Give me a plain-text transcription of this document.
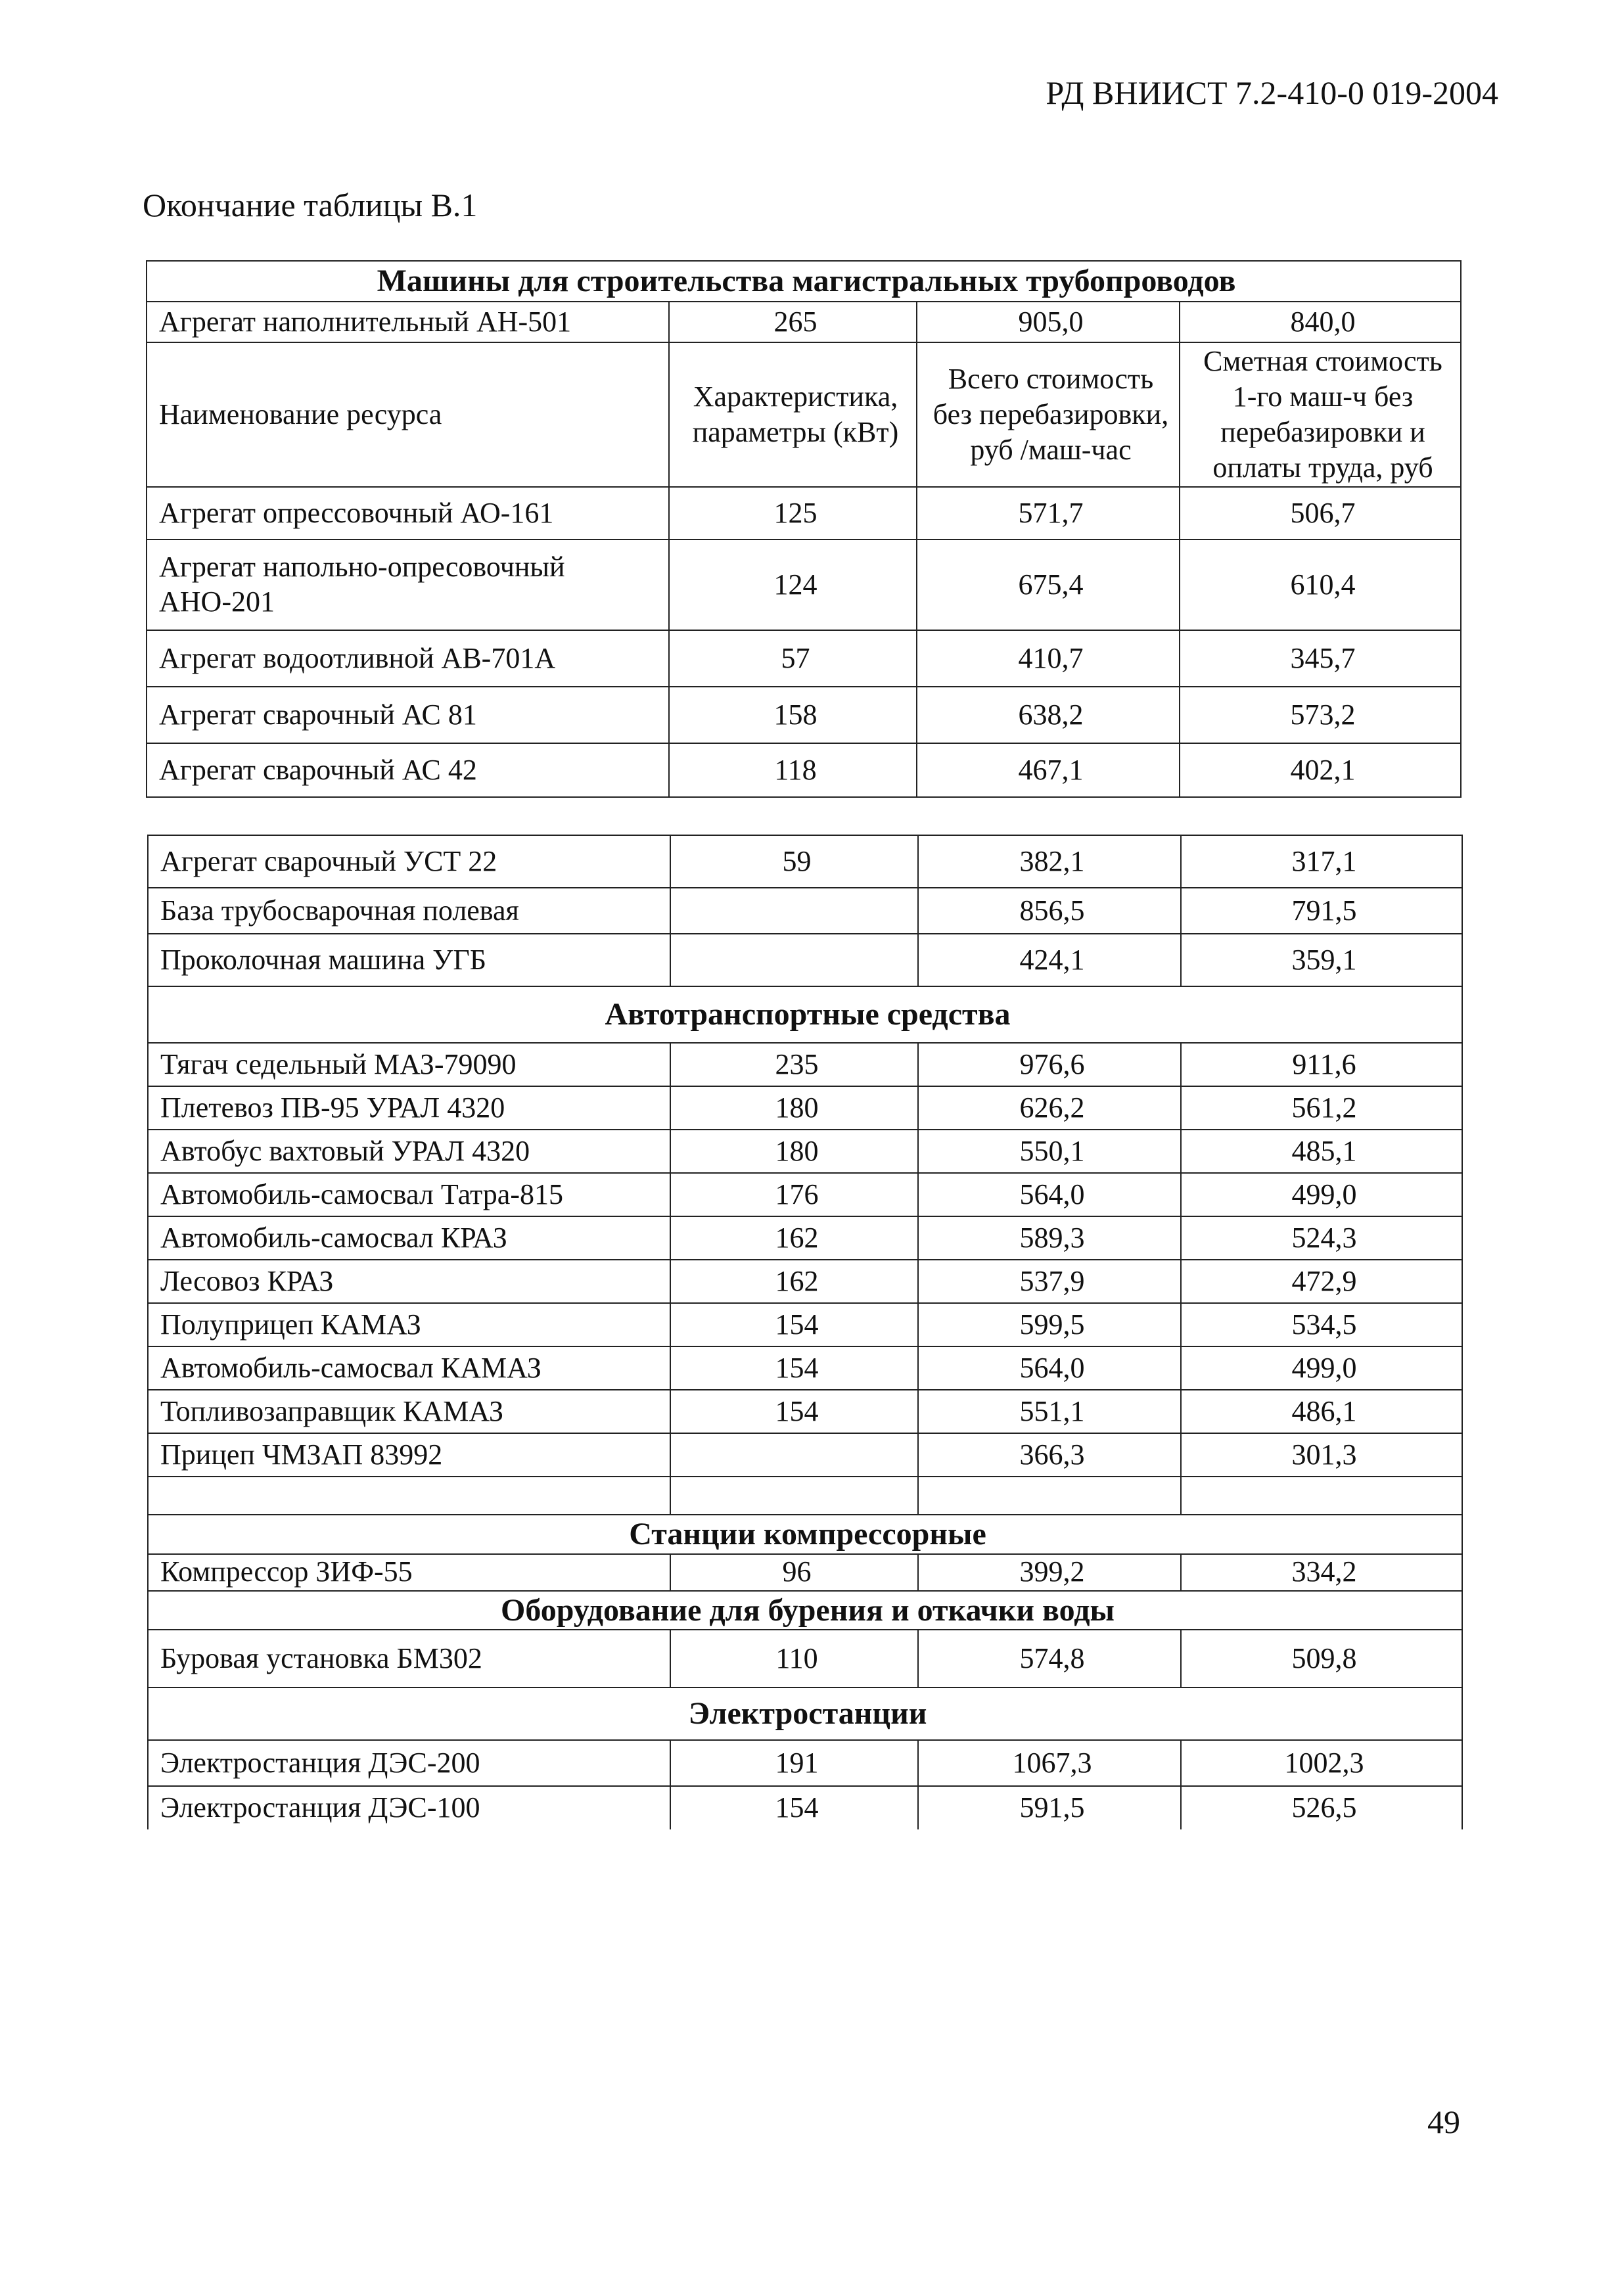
РД ВНИИСТ 7.2-410-0 019-2004
Окончание таблицы В.1
Машины для строительства магистральных трубопроводов			
Агрегат наполнительный АН-501	265	905,0	840,0
Наименование ресурса	Характеристика, параметры (кВт)	Всего стоимость без перебазировки, руб /маш-час	Сметная стоимость 1-го маш-ч без перебазировки и оплаты труда, руб
Агрегат опрессовочный АО-161	125	571,7	506,7
Агрегат напольно-опресовочный АНО-201	124	675,4	610,4
Агрегат водоотливной АВ-701А	57	410,7	345,7
Агрегат сварочный АС 81	158	638,2	573,2
Агрегат сварочный АС 42	118	467,1	402,1
Агрегат сварочный УСТ 22	59	382,1	317,1
База трубосварочная полевая		856,5	791,5
Проколочная машина УГБ		424,1	359,1
Автотранспортные средства			
Тягач седельный МАЗ-79090	235	976,6	911,6
Плетевоз ПВ-95 УРАЛ 4320	180	626,2	561,2
Автобус вахтовый УРАЛ 4320	180	550,1	485,1
Автомобиль-самосвал Татра-815	176	564,0	499,0
Автомобиль-самосвал КРАЗ	162	589,3	524,3
Лесовоз КРАЗ	162	537,9	472,9
Полуприцеп КАМАЗ	154	599,5	534,5
Автомобиль-самосвал КАМАЗ	154	564,0	499,0
Топливозаправщик КАМАЗ	154	551,1	486,1
Прицеп ЧМЗАП 83992		366,3	301,3

Станции компрессорные			
Компрессор ЗИФ-55	96	399,2	334,2
Оборудование для бурения и откачки воды			
Буровая установка БМ302	110	574,8	509,8
Электростанции			
Электростанция ДЭС-200	191	1067,3	1002,3
Электростанция ДЭС-100	154	591,5	526,5
49
